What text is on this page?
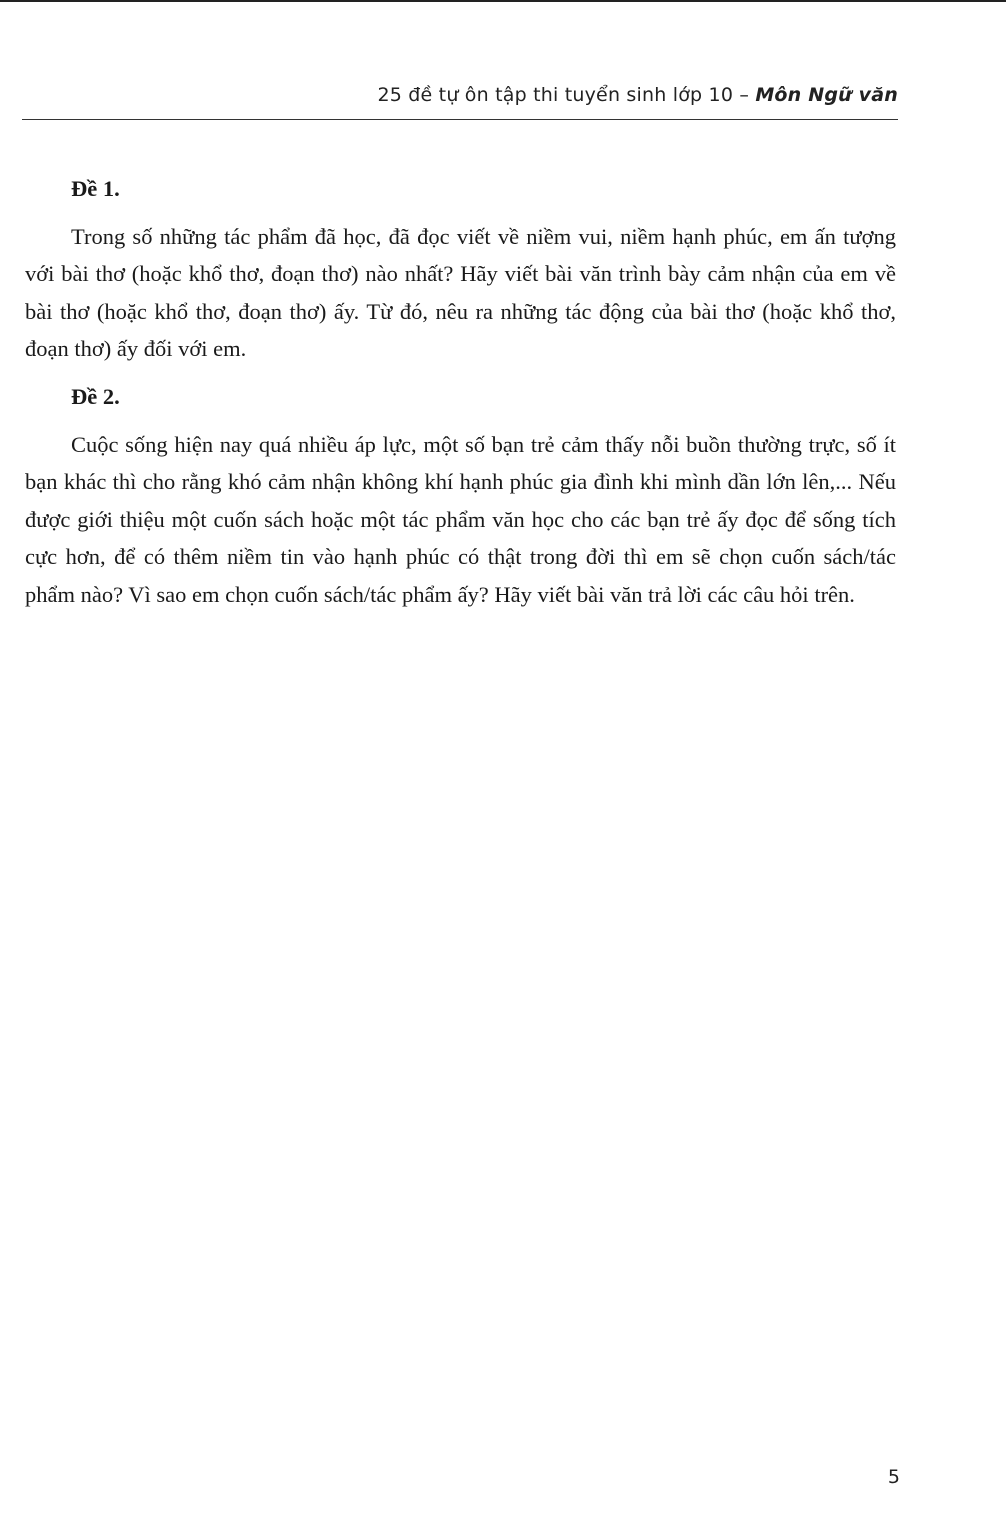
25 đề tự ôn tập thi tuyển sinh lớp 10 – Môn Ngữ văn

Đề 1.

Trong số những tác phẩm đã học, đã đọc viết về niềm vui, niềm hạnh phúc, em ấn tượng với bài thơ (hoặc khổ thơ, đoạn thơ) nào nhất? Hãy viết bài văn trình bày cảm nhận của em về bài thơ (hoặc khổ thơ, đoạn thơ) ấy. Từ đó, nêu ra những tác động của bài thơ (hoặc khổ thơ, đoạn thơ) ấy đối với em.

Đề 2.

Cuộc sống hiện nay quá nhiều áp lực, một số bạn trẻ cảm thấy nỗi buồn thường trực, số ít bạn khác thì cho rằng khó cảm nhận không khí hạnh phúc gia đình khi mình dần lớn lên,... Nếu được giới thiệu một cuốn sách hoặc một tác phẩm văn học cho các bạn trẻ ấy đọc để sống tích cực hơn, để có thêm niềm tin vào hạnh phúc có thật trong đời thì em sẽ chọn cuốn sách/tác phẩm nào? Vì sao em chọn cuốn sách/tác phẩm ấy? Hãy viết bài văn trả lời các câu hỏi trên.

5
